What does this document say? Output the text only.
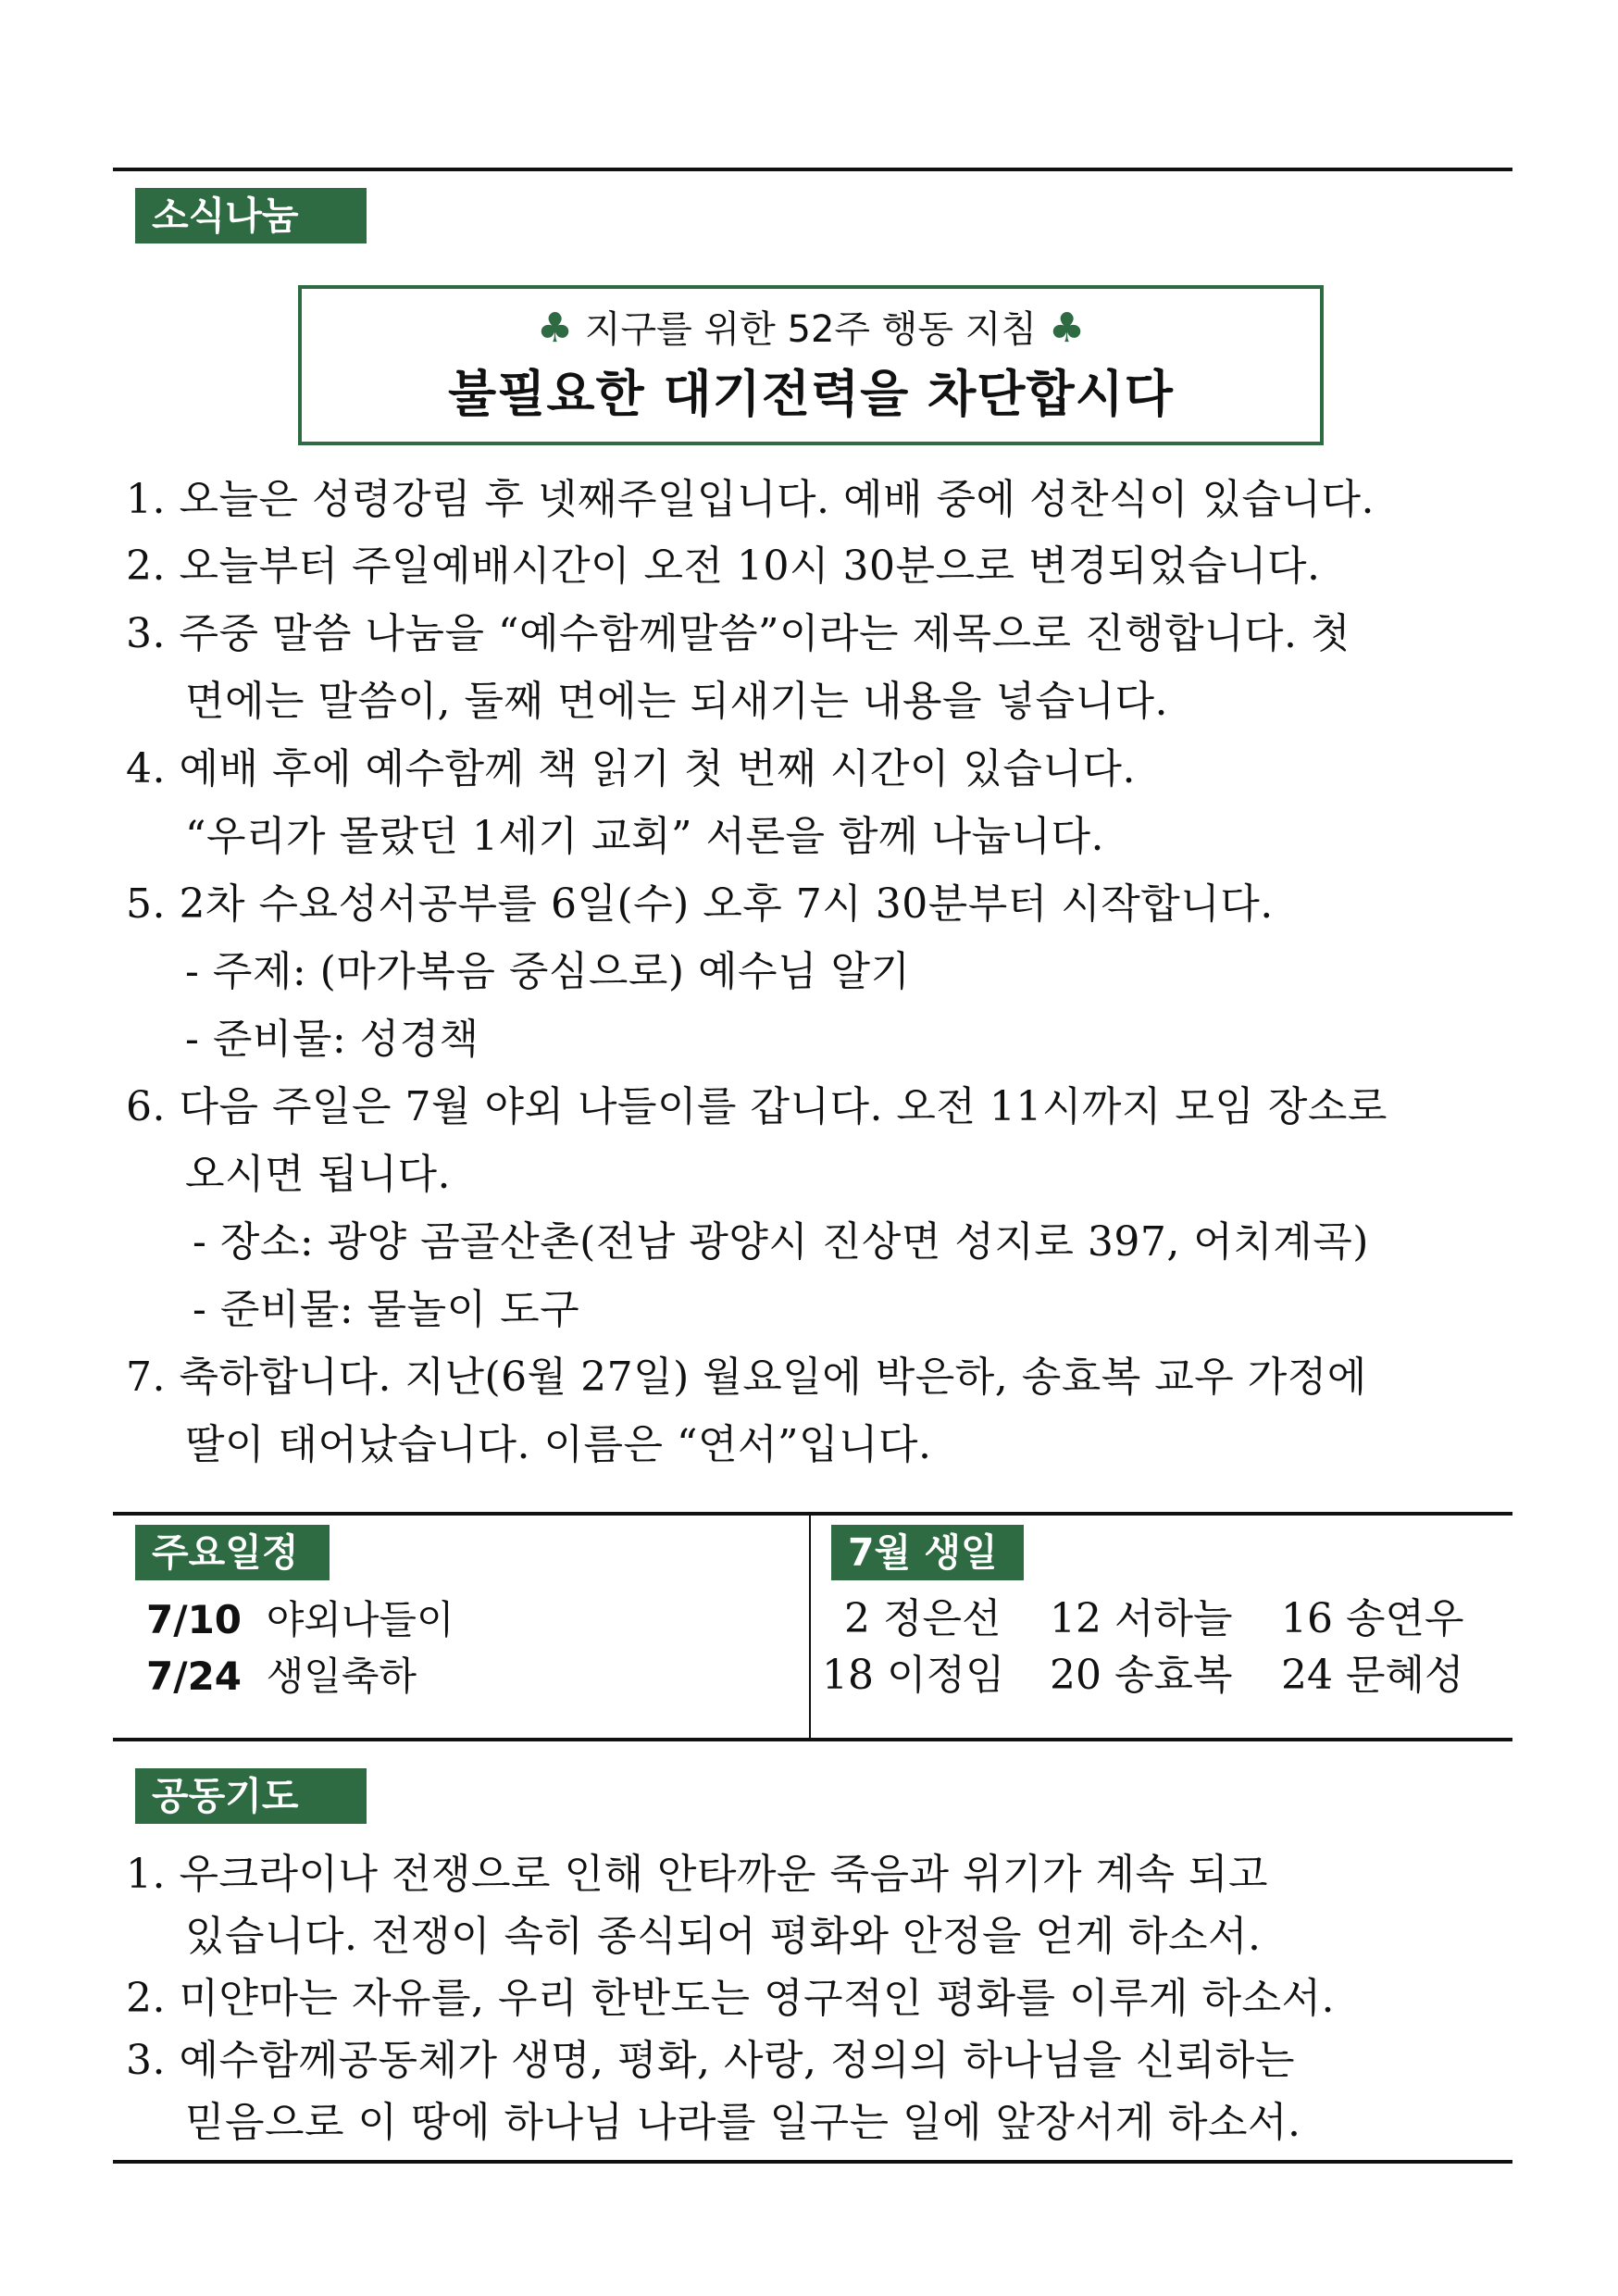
소식나눔
♣ 지구를 위한 52주 행동 지침 ♣
불필요한 대기전력을 차단합시다
1. 오늘은 성령강림 후 넷째주일입니다. 예배 중에 성찬식이 있습니다.
2. 오늘부터 주일예배시간이 오전 10시 30분으로 변경되었습니다.
3. 주중 말씀 나눔을 “예수함께말씀”이라는 제목으로 진행합니다. 첫
면에는 말씀이, 둘째 면에는 되새기는 내용을 넣습니다.
4. 예배 후에 예수함께 책 읽기 첫 번째 시간이 있습니다.
“우리가 몰랐던 1세기 교회” 서론을 함께 나눕니다.
5. 2차 수요성서공부를 6일(수) 오후 7시 30분부터 시작합니다.
- 주제: (마가복음 중심으로) 예수님 알기
- 준비물: 성경책
6. 다음 주일은 7월 야외 나들이를 갑니다. 오전 11시까지 모임 장소로
오시면 됩니다.
- 장소: 광양 곰골산촌(전남 광양시 진상면 성지로 397, 어치계곡)
- 준비물: 물놀이 도구
7. 축하합니다. 지난(6월 27일) 월요일에 박은하, 송효복 교우 가정에
딸이 태어났습니다. 이름은 “연서”입니다.
주요일정
7/10 야외나들이
7/24 생일축하
7월 생일
2 정은선 12 서하늘 16 송연우
18 이정임 20 송효복 24 문혜성
공동기도
1. 우크라이나 전쟁으로 인해 안타까운 죽음과 위기가 계속 되고
있습니다. 전쟁이 속히 종식되어 평화와 안정을 얻게 하소서.
2. 미얀마는 자유를, 우리 한반도는 영구적인 평화를 이루게 하소서.
3. 예수함께공동체가 생명, 평화, 사랑, 정의의 하나님을 신뢰하는
믿음으로 이 땅에 하나님 나라를 일구는 일에 앞장서게 하소서.
